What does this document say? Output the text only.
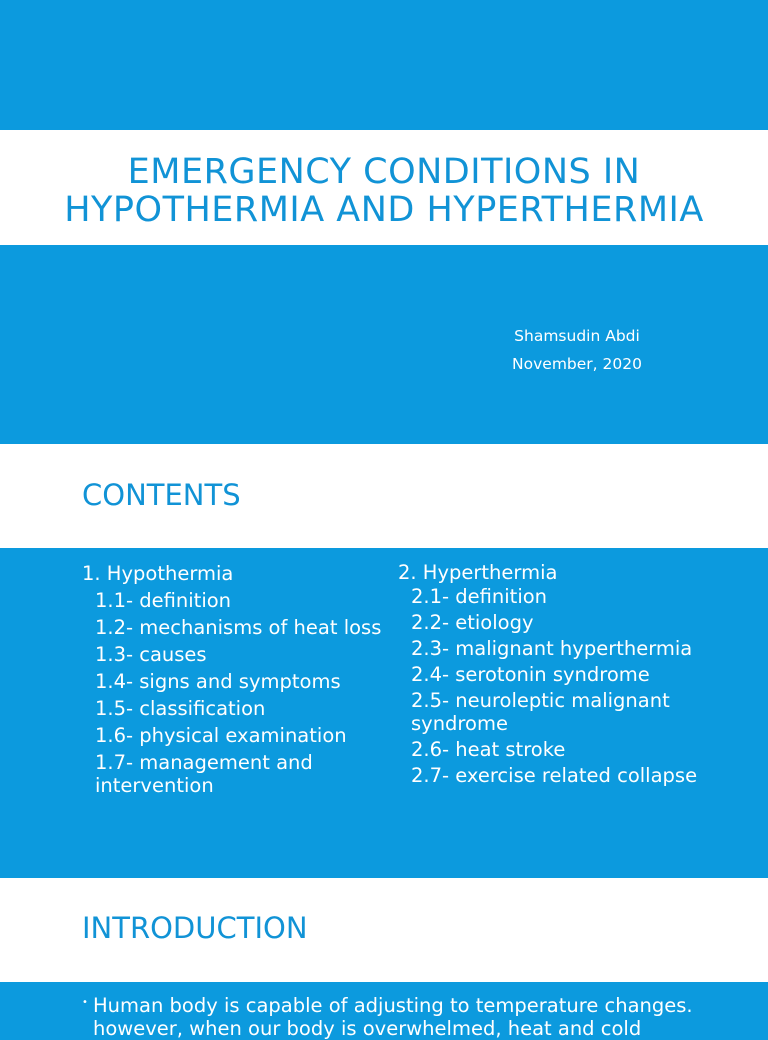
EMERGENCY CONDITIONS IN
HYPOTHERMIA AND HYPERTHERMIA
Shamsudin Abdi
November, 2020
CONTENTS
1. Hypothermia
1.1- definition
1.2- mechanisms of heat loss
1.3- causes
1.4- signs and symptoms
1.5- classification
1.6- physical examination
1.7- management and intervention
2. Hyperthermia
2.1- definition
2.2- etiology
2.3- malignant hyperthermia
2.4- serotonin syndrome
2.5- neuroleptic malignant syndrome
2.6- heat stroke
2.7- exercise related collapse
INTRODUCTION
• Human body is capable of adjusting to temperature changes. however, when our body is overwhelmed, heat and cold
